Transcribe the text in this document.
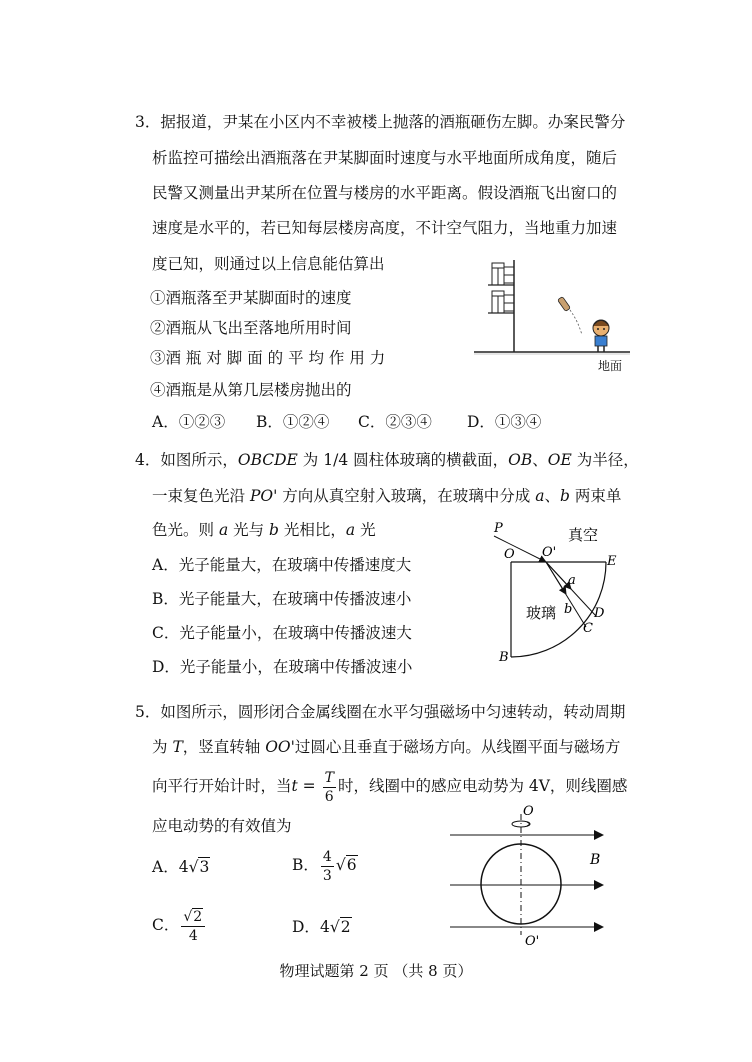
3．据报道，尹某在小区内不幸被楼上抛落的酒瓶砸伤左脚。办案民警分
析监控可描绘出酒瓶落在尹某脚面时速度与水平地面所成角度，随后
民警又测量出尹某所在位置与楼房的水平距离。假设酒瓶飞出窗口的
速度是水平的，若已知每层楼房高度，不计空气阻力，当地重力加速
度已知，则通过以上信息能估算出
①酒瓶落至尹某脚面时的速度
②酒瓶从飞出至落地所用时间
③酒 瓶 对 脚 面 的 平 均 作 用 力
④酒瓶是从第几层楼房抛出的
A．①②③ B．①②④ C．②③④ D．①③④
地面
4．如图所示，OBCDE 为 1/4 圆柱体玻璃的横截面，OB、OE 为半径，
一束复色光沿 PO' 方向从真空射入玻璃，在玻璃中分成 a、b 两束单
色光。则 a 光与 b 光相比，a 光
A．光子能量大，在玻璃中传播速度大
B．光子能量大，在玻璃中传播波速小
C．光子能量小，在玻璃中传播波速大
D．光子能量小，在玻璃中传播波速小
P
O O'
真空
E
a
b D
C
玻璃
B
5．如图所示，圆形闭合金属线圈在水平匀强磁场中匀速转动，转动周期
为 T，竖直转轴 OO'过圆心且垂直于磁场方向。从线圈平面与磁场方
向平行开始计时，当$t = \frac{T}{6}$ 时，线圈中的感应电动势为 4V，则线圈感
应电动势的有效值为
A．4√3	B． $\frac{4}{3} √6$
C． $\frac{√2}{4}$	D．4√2
O
B
O'
物理试题第 2 页 （共 8 页）
